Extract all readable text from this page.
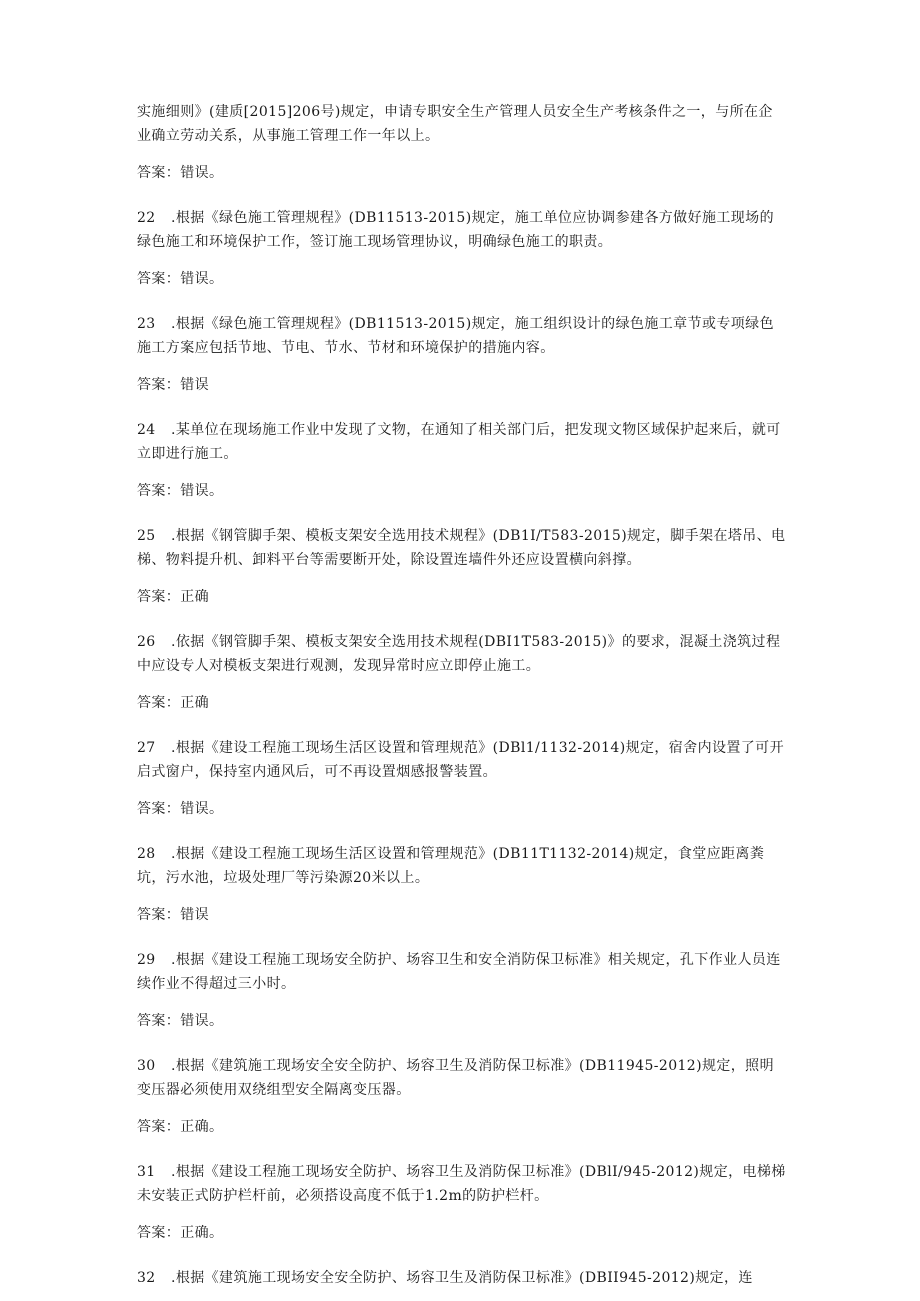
实施细则》(建质[2015]206号)规定，申请专职安全生产管理人员安全生产考核条件之一，与所在企业确立劳动关系，从事施工管理工作一年以上。

答案：错误。

22 .根据《绿色施工管理规程》(DB11513-2015)规定，施工单位应协调参建各方做好施工现场的绿色施工和环境保护工作，签订施工现场管理协议，明确绿色施工的职责。

答案：错误。

23 .根据《绿色施工管理规程》(DB11513-2015)规定，施工组织设计的绿色施工章节或专项绿色施工方案应包括节地、节电、节水、节材和环境保护的措施内容。

答案：错误

24 .某单位在现场施工作业中发现了文物，在通知了相关部门后，把发现文物区域保护起来后，就可立即进行施工。

答案：错误。

25 .根据《钢管脚手架、模板支架安全选用技术规程》(DB1I/T583-2015)规定，脚手架在塔吊、电梯、物料提升机、卸料平台等需要断开处，除设置连墙件外还应设置横向斜撑。

答案：正确

26 .依据《钢管脚手架、模板支架安全选用技术规程(DBI1T583-2015)》的要求，混凝土浇筑过程中应设专人对模板支架进行观测，发现异常时应立即停止施工。

答案：正确

27 .根据《建设工程施工现场生活区设置和管理规范》(DBl1/1132-2014)规定，宿舍内设置了可开启式窗户，保持室内通风后，可不再设置烟感报警装置。

答案：错误。

28 .根据《建设工程施工现场生活区设置和管理规范》(DB11T1132-2014)规定，食堂应距离粪坑，污水池，垃圾处理厂等污染源20米以上。

答案：错误

29 .根据《建设工程施工现场安全防护、场容卫生和安全消防保卫标准》相关规定，孔下作业人员连续作业不得超过三小时。

答案：错误。

30 .根据《建筑施工现场安全安全防护、场容卫生及消防保卫标准》(DB11945-2012)规定，照明变压器必须使用双绕组型安全隔离变压器。

答案：正确。

31 .根据《建设工程施工现场安全防护、场容卫生及消防保卫标准》(DBlI/945-2012)规定，电梯梯未安装正式防护栏杆前，必须搭设高度不低于1.2m的防护栏杆。

答案：正确。

32 .根据《建筑施工现场安全安全防护、场容卫生及消防保卫标准》(DBII945-2012)规定，连
